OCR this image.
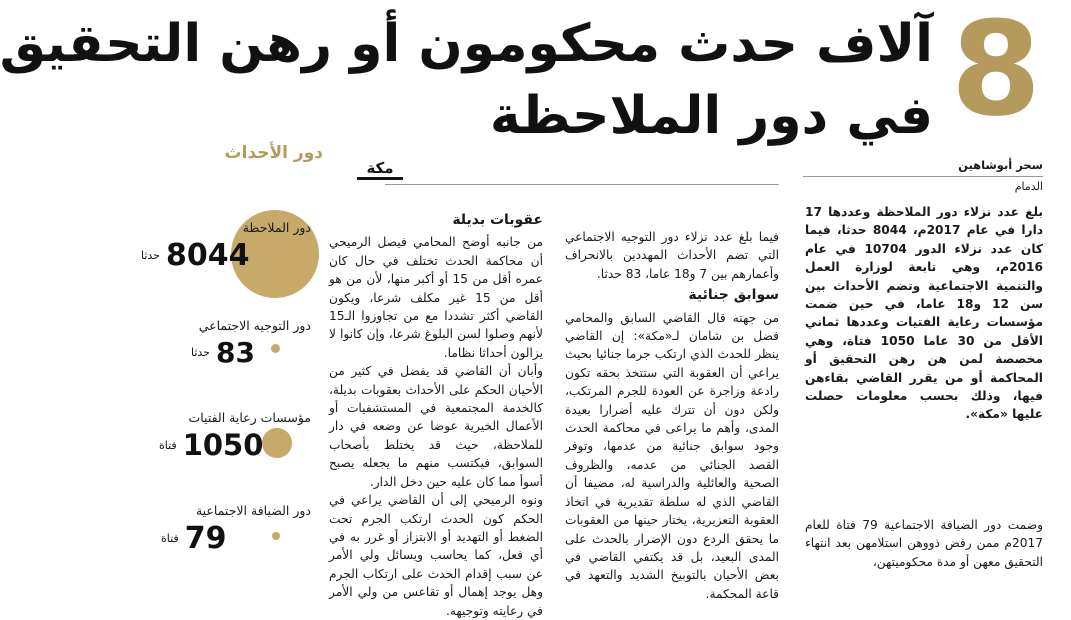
8
آلاف حدث محكومون أو رهن التحقيق
في دور الملاحظة
دور الأحداث
سحر أبوشاهين
الدمام
مكة

بلغ عدد نزلاء دور الملاحظة وعددها 17 دارا في عام 2017م، 8044 حدثا، فيما كان عدد نزلاء الدور 10704 في عام 2016م، وهي تابعة لوزارة العمل والتنمية الاجتماعية وتضم الأحداث بين سن 12 و18 عاما، في حين ضمت مؤسسات رعاية الفتيات وعددها ثماني الأقل من 30 عاما 1050 فتاة، وهي مخصصة لمن هن رهن التحقيق أو المحاكمة أو من يقرر القاضي بقاءهن فيها، وذلك بحسب معلومات حصلت عليها «مكة».

وضمت دور الضيافة الاجتماعية 79 فتاة للعام 2017م ممن رفض ذووهن استلامهن بعد انتهاء التحقيق معهن أو مدة محكوميتهن،

فيما بلغ عدد نزلاء دور التوجيه الاجتماعي التي تضم الأحداث المهددين بالانحراف وأعمارهم بين 7 و18 عاما، 83 حدثا.

سوابق جنائية

من جهته قال القاضي السابق والمحامي فضل بن شامان لـ«مكة»: إن القاضي ينظر للحدث الذي ارتكب جرما جنائيا بحيث يراعي أن العقوبة التي ستتخذ بحقه تكون رادعة وزاجرة عن العودة للجرم المرتكب، ولكن دون أن تترك عليه أضرارا بعيدة المدى، وأهم ما يراعى في محاكمة الحدث وجود سوابق جنائية من عدمها، وتوفر القصد الجنائي من عدمه، والظروف الصحية والعائلية والدراسية له، مضيفا أن القاضي الذي له سلطة تقديرية في اتخاذ العقوبة التعزيرية، يختار حينها من العقوبات ما يحقق الردع دون الإضرار بالحدث على المدى البعيد، بل قد يكتفي القاضي في بعض الأحيان بالتوبيخ الشديد والتعهد في قاعة المحكمة.

عقوبات بديلة

من جانبه أوضح المحامي فيصل الرميحي أن محاكمة الحدث تختلف في حال كان عمره أقل من 15 أو أكبر منها، لأن من هو أقل من 15 غير مكلف شرعا، ويكون القاضي أكثر تشددا مع من تجاوزوا الـ15 لأنهم وصلوا لسن البلوغ شرعا، وإن كانوا لا يزالون أحداثا نظاما.

وأبان أن القاضي قد يفضل في كثير من الأحيان الحكم على الأحداث بعقوبات بديلة، كالخدمة المجتمعية في المستشفيات أو الأعمال الخيرية عوضا عن وضعه في دار للملاحظة، حيث قد يختلط بأصحاب السوابق، فيكتسب منهم ما يجعله يصبح أسوأ مما كان عليه حين دخل الدار.

ونوه الرميحي إلى أن القاضي يراعي في الحكم كون الحدث ارتكب الجرم تحت الضغط أو التهديد أو الابتزاز أو غرر به في أي فعل، كما يحاسب ويسائل ولي الأمر عن سبب إقدام الحدث على ارتكاب الجرم وهل يوجد إهمال أو تقاعس من ولي الأمر في رعايته وتوجيهه.

دور الملاحظة
حدثا 8044
دور التوجيه الاجتماعي
حدثا 83
مؤسسات رعاية الفتيات
فتاة 1050
دور الضيافة الاجتماعية
فتاة 79
